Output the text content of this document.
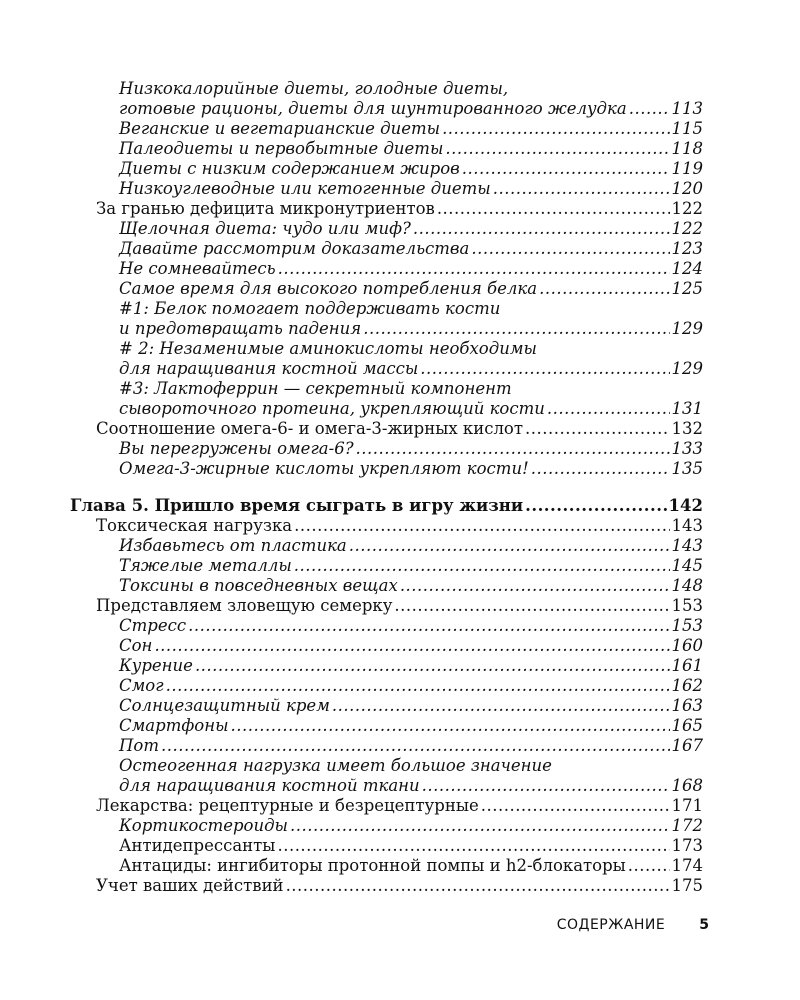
Низкокалорийные диеты, голодные диеты,
готовые рационы, диеты для шунтированного желудка .....	113
Веганские и вегетарианские диеты .....	115
Палеодиеты и первобытные диеты .....	118
Диеты с низким содержанием жиров .....	119
Низкоуглеводные или кетогенные диеты .....	120
За гранью дефицита микронутриентов .....	122
Щелочная диета: чудо или миф? .....	122
Давайте рассмотрим доказательства .....	123
Не сомневайтесь .....	124
Самое время для высокого потребления белка .....	125
#1: Белок помогает поддерживать кости
и предотвращать падения .....	129
# 2: Незаменимые аминокислоты необходимы
для наращивания костной массы .....	129
#3: Лактоферрин — секретный компонент
сывороточного протеина, укрепляющий кости .....	131
Соотношение омега-6- и омега-3-жирных кислот .....	132
Вы перегружены омега-6? .....	133
Омега-3-жирные кислоты укрепляют кости! .....	135
Глава 5. Пришло время сыграть в игру жизни .....	142
Токсическая нагрузка .....	143
Избавьтесь от пластика .....	143
Тяжелые металлы .....	145
Токсины в повседневных вещах .....	148
Представляем зловещую семерку .....	153
Стресс .....	153
Сон .....	160
Курение .....	161
Смог .....	162
Солнцезащитный крем .....	163
Смартфоны .....	165
Пот .....	167
Остеогенная нагрузка имеет большое значение
для наращивания костной ткани .....	168
Лекарства: рецептурные и безрецептурные .....	171
Кортикостероиды .....	172
Антидепрессанты .....	173
Антациды: ингибиторы протонной помпы и h2-блокаторы .....	174
Учет ваших действий .....	175
СОДЕРЖАНИЕ 5
